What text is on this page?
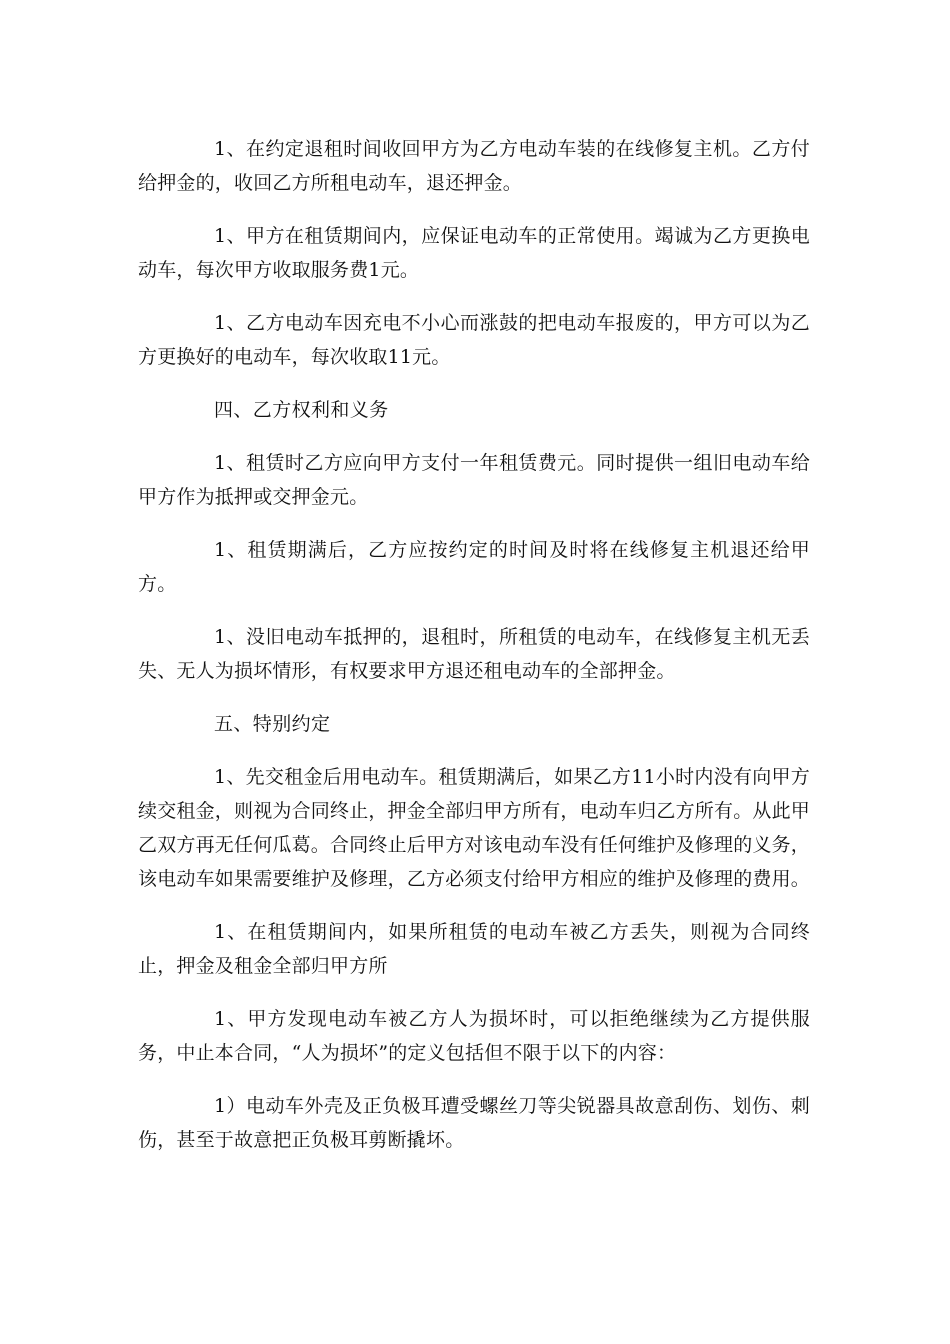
1、在约定退租时间收回甲方为乙方电动车装的在线修复主机。乙方付给押金的，收回乙方所租电动车，退还押金。

1、甲方在租赁期间内，应保证电动车的正常使用。竭诚为乙方更换电动车，每次甲方收取服务费1元。

1、乙方电动车因充电不小心而涨鼓的把电动车报废的，甲方可以为乙方更换好的电动车，每次收取11元。

四、乙方权利和义务

1、租赁时乙方应向甲方支付一年租赁费元。同时提供一组旧电动车给甲方作为抵押或交押金元。

1、租赁期满后，乙方应按约定的时间及时将在线修复主机退还给甲方。

1、没旧电动车抵押的，退租时，所租赁的电动车，在线修复主机无丢失、无人为损坏情形，有权要求甲方退还租电动车的全部押金。

五、特别约定

1、先交租金后用电动车。租赁期满后，如果乙方11小时内没有向甲方续交租金，则视为合同终止，押金全部归甲方所有，电动车归乙方所有。从此甲乙双方再无任何瓜葛。合同终止后甲方对该电动车没有任何维护及修理的义务，该电动车如果需要维护及修理，乙方必须支付给甲方相应的维护及修理的费用。

1、在租赁期间内，如果所租赁的电动车被乙方丢失，则视为合同终止，押金及租金全部归甲方所

1、甲方发现电动车被乙方人为损坏时，可以拒绝继续为乙方提供服务，中止本合同，“人为损坏”的定义包括但不限于以下的内容：

1）电动车外壳及正负极耳遭受螺丝刀等尖锐器具故意刮伤、划伤、刺伤，甚至于故意把正负极耳剪断撬坏。
